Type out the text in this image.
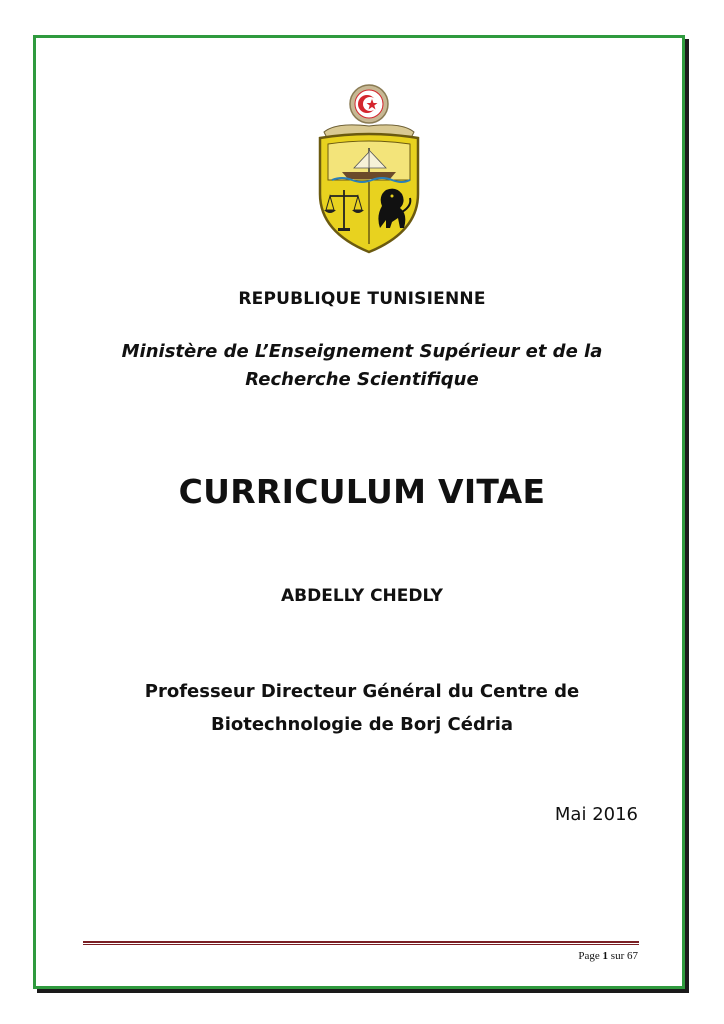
REPUBLIQUE TUNISIENNE
Ministère de L’Enseignement Supérieur et de la
Recherche Scientifique
CURRICULUM VITAE
ABDELLY CHEDLY
Professeur Directeur Général du Centre de
Biotechnologie de Borj Cédria
Mai 2016
Page 1 sur 67
